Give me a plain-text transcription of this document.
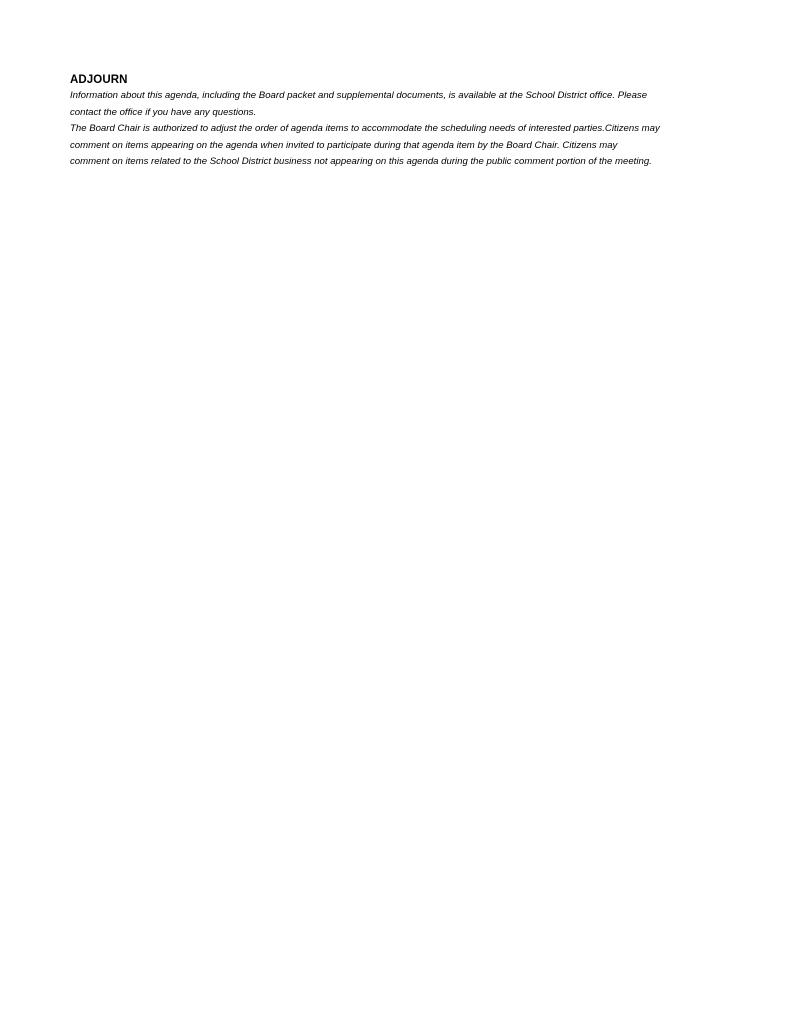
ADJOURN

Information about this agenda, including the Board packet and supplemental documents, is available at the School District office. Please
contact the office if you have any questions.

The Board Chair is authorized to adjust the order of agenda items to accommodate the scheduling needs of interested parties.Citizens may
comment on items appearing on the agenda when invited to participate during that agenda item by the Board Chair. Citizens may
comment on items related to the School District business not appearing on this agenda during the public comment portion of the meeting.
